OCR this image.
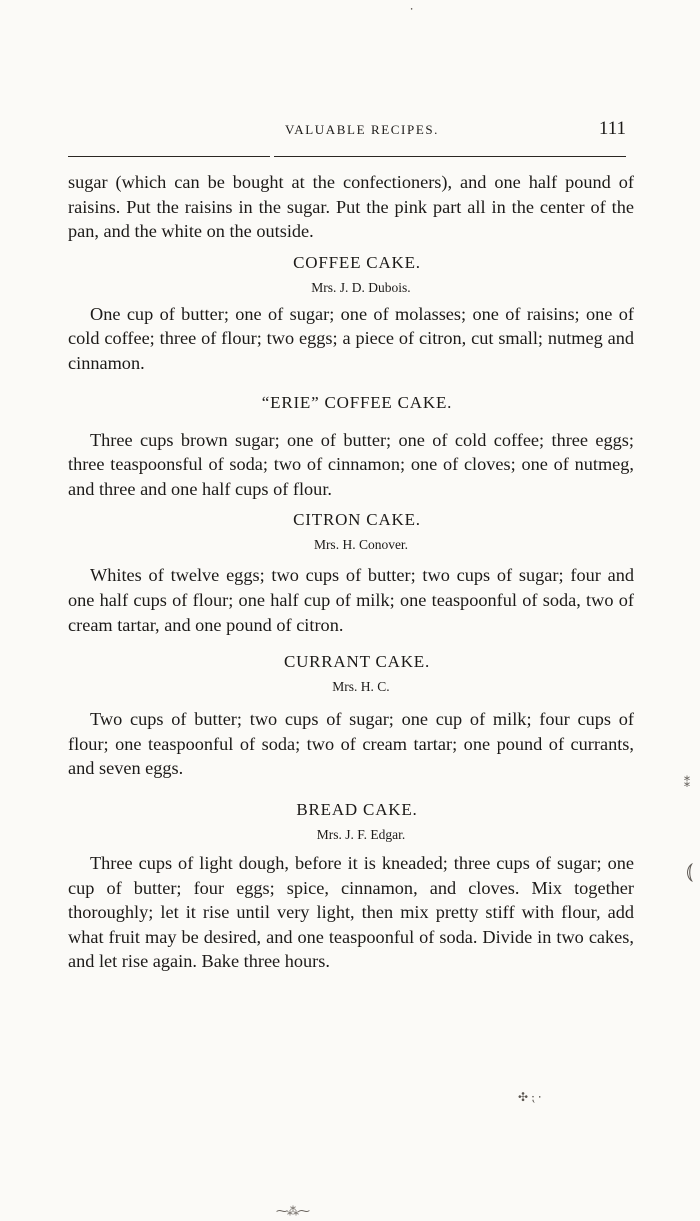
VALUABLE RECIPES.	111

sugar (which can be bought at the confectioners), and one half pound of raisins. Put the raisins in the sugar. Put the pink part all in the center of the pan, and the white on the outside.

COFFEE CAKE.
Mrs. J. D. Dubois.

One cup of butter; one of sugar; one of molasses; one of raisins; one of cold coffee; three of flour; two eggs; a piece of citron, cut small; nutmeg and cinnamon.

“ERIE” COFFEE CAKE.

Three cups brown sugar; one of butter; one of cold coffee; three eggs; three teaspoonsful of soda; two of cinnamon; one of cloves; one of nutmeg, and three and one half cups of flour.

CITRON CAKE.
Mrs. H. Conover.

Whites of twelve eggs; two cups of butter; two cups of sugar; four and one half cups of flour; one half cup of milk; one teaspoonful of soda, two of cream tartar, and one pound of citron.

CURRANT CAKE.
Mrs. H. C.

Two cups of butter; two cups of sugar; one cup of milk; four cups of flour; one teaspoonful of soda; two of cream tartar; one pound of currants, and seven eggs.

BREAD CAKE.
Mrs. J. F. Edgar.

Three cups of light dough, before it is kneaded; three cups of sugar; one cup of butter; four eggs; spice, cinnamon, and cloves. Mix together thoroughly; let it rise until very light, then mix pretty stiff with flour, add what fruit may be desired, and one teaspoonful of soda. Divide in two cakes, and let rise again. Bake three hours.

⸱
⁑
⦅
✣ ⁏ ⸱
⁓⁂⁓
